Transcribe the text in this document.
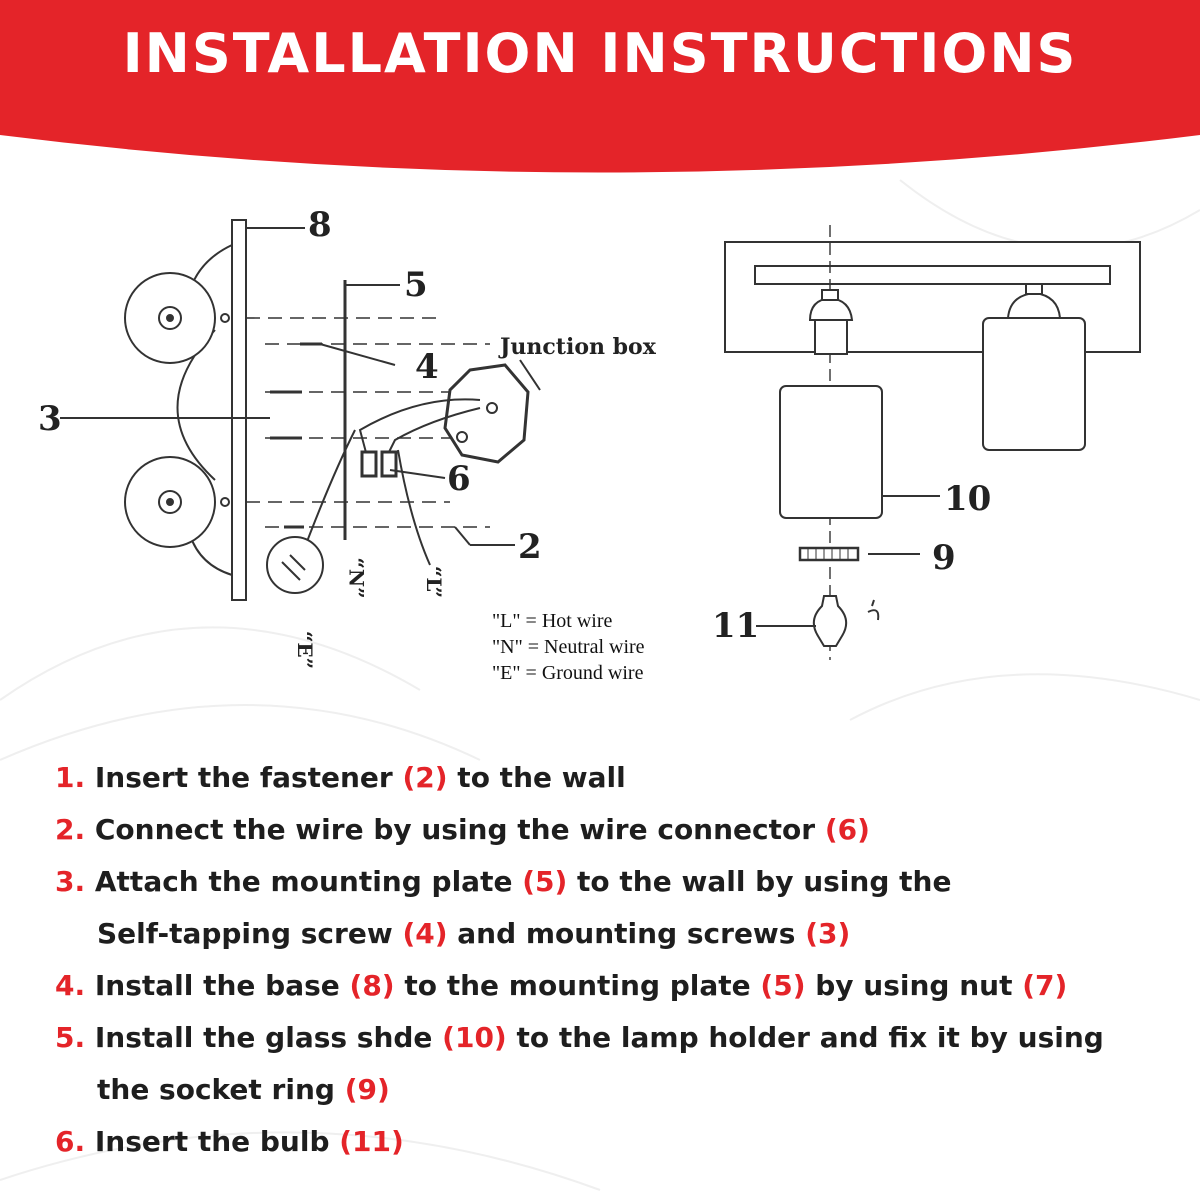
INSTALLATION INSTRUCTIONS
8
5
4
3
6
2
Junction box
10
9
11
“N”	“L”
“E”
"L" = Hot wire
"N" = Neutral wire
"E" = Ground wire
1. Insert the fastener (2) to the wall
2. Connect the wire by using the wire connector (6)
3. Attach the mounting plate (5) to the wall by using the
Self-tapping screw (4) and mounting screws (3)
4. Install the base (8) to the mounting plate (5) by using nut (7)
5. Install the glass shde (10) to the lamp holder and fix it by using
the socket ring (9)
6. Insert the bulb (11)
